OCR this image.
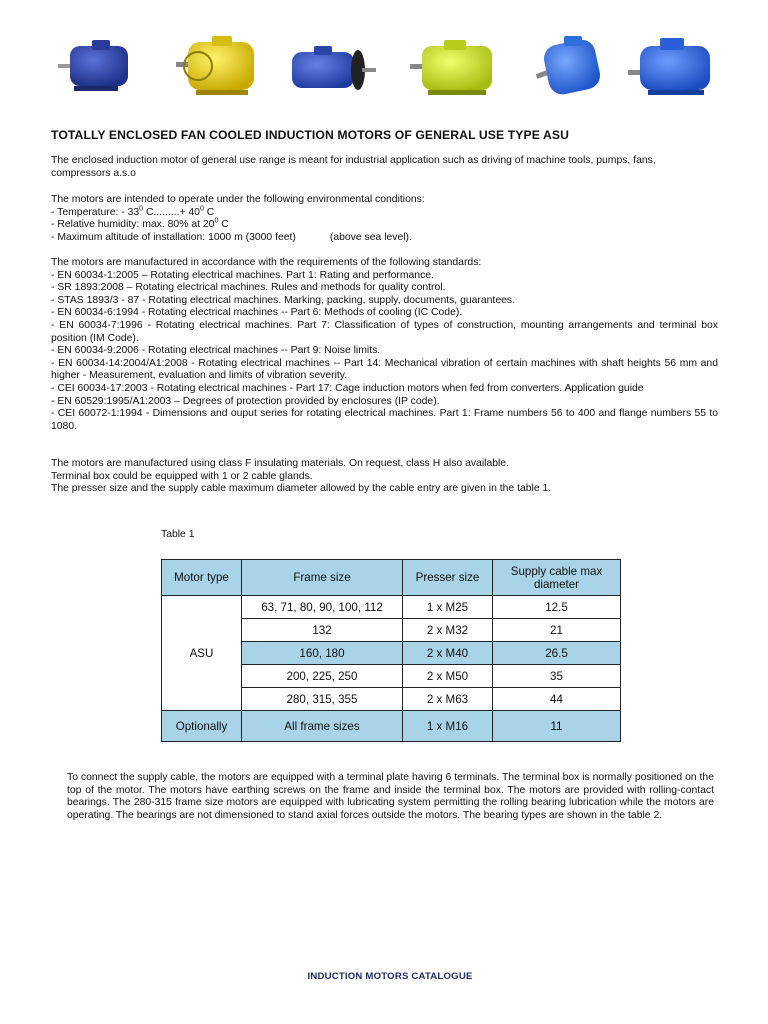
TOTALLY ENCLOSED FAN COOLED INDUCTION MOTORS OF GENERAL USE TYPE ASU

The enclosed induction motor of general use range is meant for industrial application such as driving of machine tools, pumps, fans, compressors a.s.o

The motors are intended to operate under the following environmental conditions:

- Temperature: - $33^0$ $C.........+ 40^0$ C

- Relative humidity: max. 80% at $20^0$ C

- Maximum altitude of installation: 1000 m (3000 feet)	(above sea level).

The motors are manufactured in accordance with the requirements of the following standards:

- EN 60034-1:2005 – Rotating electrical machines. Part 1: Rating and performance.

- SR 1893:2008 – Rotating electrical machines. Rules and methods for quality control.

- STAS 1893/3 - 87 - Rotating electrical machines. Marking, packing, supply, documents, guarantees.

- EN 60034-6:1994 - Rotating electrical machines -- Part 6: Methods of cooling (IC Code).

- EN 60034-7:1996 - Rotating electrical machines. Part 7: Classification of types of construction, mounting arrangements and terminal box position (IM Code).

- EN 60034-9:2006 - Rotating electrical machines -- Part 9: Noise limits.

- EN 60034-14:2004/A1:2008 - Rotating electrical machines -- Part 14: Mechanical vibration of certain machines with shaft heights 56 mm and higher - Measurement, evaluation and limits of vibration severity.

- CEI 60034-17:2003 - Rotating electrical machines - Part 17: Cage induction motors when fed from converters. Application guide

- EN 60529:1995/A1:2003 – Degrees of protection provided by enclosures (IP code).

- CEI 60072-1:1994 - Dimensions and ouput series for rotating electrical machines. Part 1: Frame numbers 56 to 400 and flange numbers 55 to 1080.

The motors are manufactured using class F insulating materials. On request, class H also available.

Terminal box could be equipped with 1 or 2 cable glands.

The presser size and the supply cable maximum diameter allowed by the cable entry are given in the table 1.

Table 1
Motor type	Frame size	Presser size	Supply cable max diameter
ASU	63, 71, 80, 90, 100, 112	1 x M25	12.5
	132	2 x M32	21
	160, 180	2 x M40	26.5
	200, 225, 250	2 x M50	35
	280, 315, 355	2 x M63	44
Optionally	All frame sizes	1 x M16	11
To connect the supply cable, the motors are equipped with a terminal plate having 6 terminals. The terminal box is normally positioned on the top of the motor. The motors have earthing screws on the frame and inside the terminal box. The motors are provided with rolling-contact bearings. The 280-315 frame size motors are equipped with lubricating system permitting the rolling bearing lubrication while the motors are operating. The bearings are not dimensioned to stand axial forces outside the motors. The bearing types are shown in the table 2.
INDUCTION MOTORS CATALOGUE
